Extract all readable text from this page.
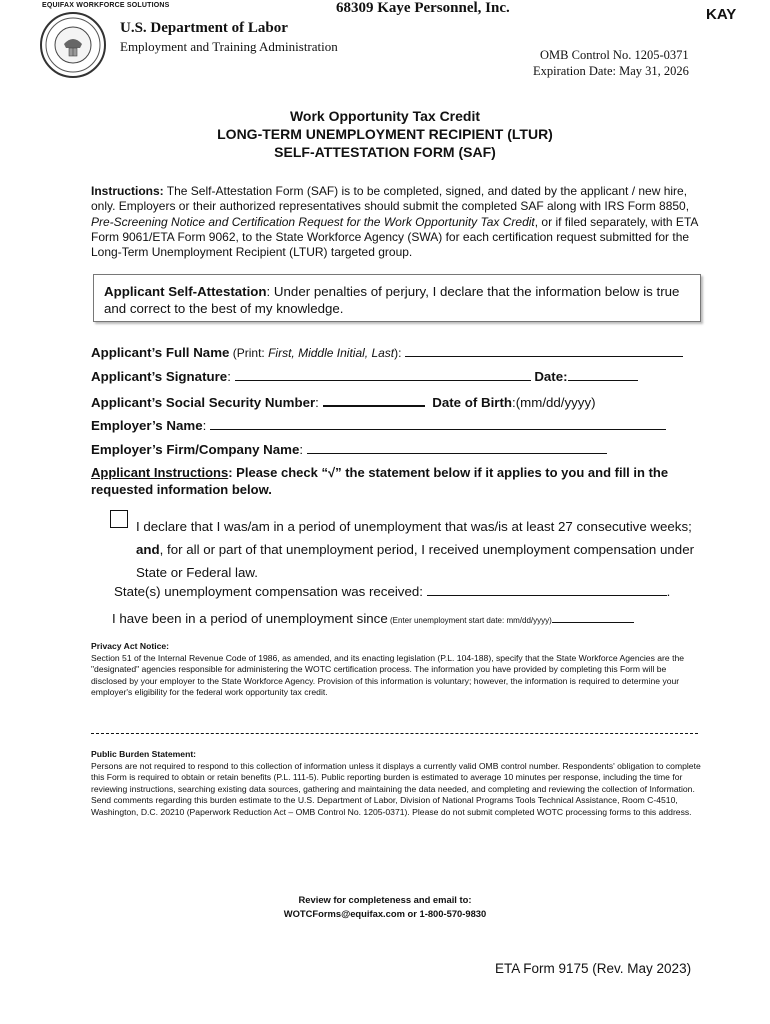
EQUIFAX WORKFORCE SOLUTIONS	68309 Kaye Personnel, Inc.	KAY
U.S. Department of Labor
Employment and Training Administration
OMB Control No. 1205-0371
Expiration Date: May 31, 2026
Work Opportunity Tax Credit
LONG-TERM UNEMPLOYMENT RECIPIENT (LTUR)
SELF-ATTESTATION FORM (SAF)
Instructions: The Self-Attestation Form (SAF) is to be completed, signed, and dated by the applicant / new hire, only. Employers or their authorized representatives should submit the completed SAF along with IRS Form 8850, Pre-Screening Notice and Certification Request for the Work Opportunity Tax Credit, or if filed separately, with ETA Form 9061/ETA Form 9062, to the State Workforce Agency (SWA) for each certification request submitted for the Long-Term Unemployment Recipient (LTUR) targeted group.
Applicant Self-Attestation: Under penalties of perjury, I declare that the information below is true and correct to the best of my knowledge.
Applicant’s Full Name (Print: First, Middle Initial, Last):
Applicant’s Signature:	Date:
Applicant’s Social Security Number:	Date of Birth:(mm/dd/yyyy)
Employer’s Name:
Employer’s Firm/Company Name:
Applicant Instructions: Please check “√” the statement below if it applies to you and fill in the requested information below.
I declare that I was/am in a period of unemployment that was/is at least 27 consecutive weeks; and, for all or part of that unemployment period, I received unemployment compensation under State or Federal law.
State(s) unemployment compensation was received:	.
I have been in a period of unemployment since (Enter unemployment start date: mm/dd/yyyy)

Privacy Act Notice:

Section 51 of the Internal Revenue Code of 1986, as amended, and its enacting legislation (P.L. 104-188), specify that the State Workforce Agencies are the "designated" agencies responsible for administering the WOTC certification process. The information you have provided by completing this Form will be disclosed by your employer to the State Workforce Agency. Provision of this information is voluntary; however, the information is required to determine your employer's eligibility for the federal work opportunity tax credit.

Public Burden Statement:

Persons are not required to respond to this collection of information unless it displays a currently valid OMB control number. Respondents' obligation to complete this Form is required to obtain or retain benefits (P.L. 111-5). Public reporting burden is estimated to average 10 minutes per response, including the time for reviewing instructions, searching existing data sources, gathering and maintaining the data needed, and completing and reviewing the collection of Information. Send comments regarding this burden estimate to the U.S. Department of Labor, Division of National Programs Tools Technical Assistance, Room C-4510, Washington, D.C. 20210 (Paperwork Reduction Act – OMB Control No. 1205-0371). Please do not submit completed WOTC processing forms to this address.

Review for completeness and email to:
WOTCForms@equifax.com or 1-800-570-9830
ETA Form 9175 (Rev. May 2023)
